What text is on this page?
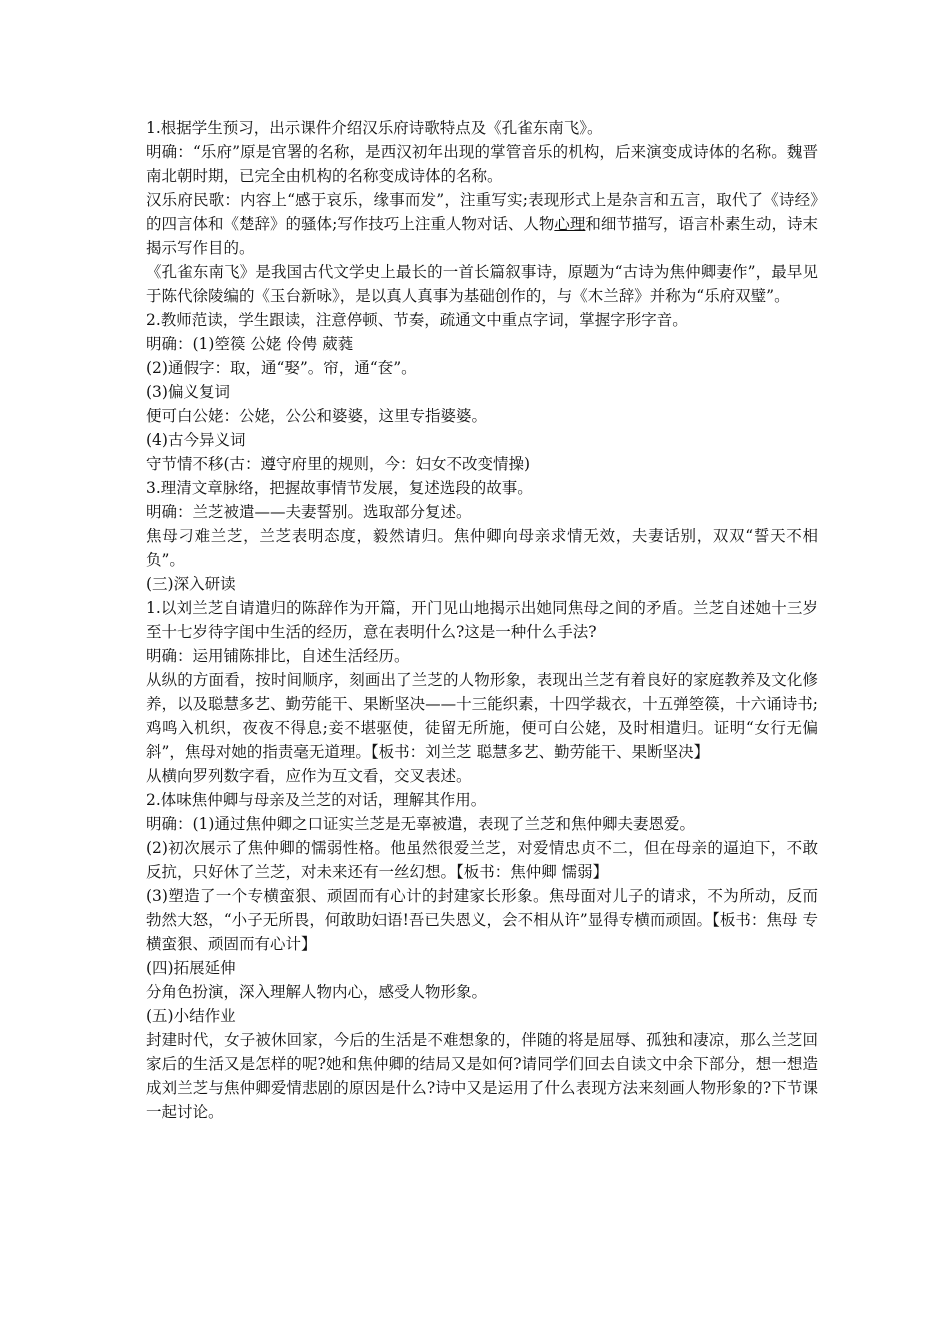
1.根据学生预习，出示课件介绍汉乐府诗歌特点及《孔雀东南飞》。

明确：“乐府”原是官署的名称，是西汉初年出现的掌管音乐的机构，后来演变成诗体的名称。魏晋南北朝时期，已完全由机构的名称变成诗体的名称。

汉乐府民歌：内容上“感于哀乐，缘事而发”，注重写实;表现形式上是杂言和五言，取代了《诗经》的四言体和《楚辞》的骚体;写作技巧上注重人物对话、人物心理和细节描写，语言朴素生动，诗末揭示写作目的。

《孔雀东南飞》是我国古代文学史上最长的一首长篇叙事诗，原题为“古诗为焦仲卿妻作”，最早见于陈代徐陵编的《玉台新咏》，是以真人真事为基础创作的，与《木兰辞》并称为“乐府双璧”。

2.教师范读，学生跟读，注意停顿、节奏，疏通文中重点字词，掌握字形字音。

明确：(1)箜篌 公姥 伶俜 葳蕤

(2)通假字：取，通“娶”。帘，通“奁”。

(3)偏义复词

便可白公姥：公姥，公公和婆婆，这里专指婆婆。

(4)古今异义词

守节情不移(古：遵守府里的规则，今：妇女不改变情操)

3.理清文章脉络，把握故事情节发展，复述选段的故事。

明确：兰芝被遣——夫妻誓别。选取部分复述。

焦母刁难兰芝，兰芝表明态度，毅然请归。焦仲卿向母亲求情无效，夫妻话别，双双“誓天不相负”。

(三)深入研读

1.以刘兰芝自请遣归的陈辞作为开篇，开门见山地揭示出她同焦母之间的矛盾。兰芝自述她十三岁至十七岁待字闺中生活的经历，意在表明什么?这是一种什么手法?

明确：运用铺陈排比，自述生活经历。

从纵的方面看，按时间顺序，刻画出了兰芝的人物形象，表现出兰芝有着良好的家庭教养及文化修养，以及聪慧多艺、勤劳能干、果断坚决——十三能织素，十四学裁衣，十五弹箜篌，十六诵诗书;鸡鸣入机织，夜夜不得息;妾不堪驱使，徒留无所施，便可白公姥，及时相遣归。证明“女行无偏斜”，焦母对她的指责毫无道理。【板书：刘兰芝 聪慧多艺、勤劳能干、果断坚决】

从横向罗列数字看，应作为互文看，交叉表述。

2.体味焦仲卿与母亲及兰芝的对话，理解其作用。

明确：(1)通过焦仲卿之口证实兰芝是无辜被遣，表现了兰芝和焦仲卿夫妻恩爱。

(2)初次展示了焦仲卿的懦弱性格。他虽然很爱兰芝，对爱情忠贞不二，但在母亲的逼迫下，不敢反抗，只好休了兰芝，对未来还有一丝幻想。【板书：焦仲卿 懦弱】

(3)塑造了一个专横蛮狠、顽固而有心计的封建家长形象。焦母面对儿子的请求，不为所动，反而勃然大怒，“小子无所畏，何敢助妇语!吾已失恩义，会不相从许”显得专横而顽固。【板书：焦母 专横蛮狠、顽固而有心计】

(四)拓展延伸

分角色扮演，深入理解人物内心，感受人物形象。

(五)小结作业

封建时代，女子被休回家，今后的生活是不难想象的，伴随的将是屈辱、孤独和凄凉，那么兰芝回家后的生活又是怎样的呢?她和焦仲卿的结局又是如何?请同学们回去自读文中余下部分，想一想造成刘兰芝与焦仲卿爱情悲剧的原因是什么?诗中又是运用了什么表现方法来刻画人物形象的?下节课一起讨论。
